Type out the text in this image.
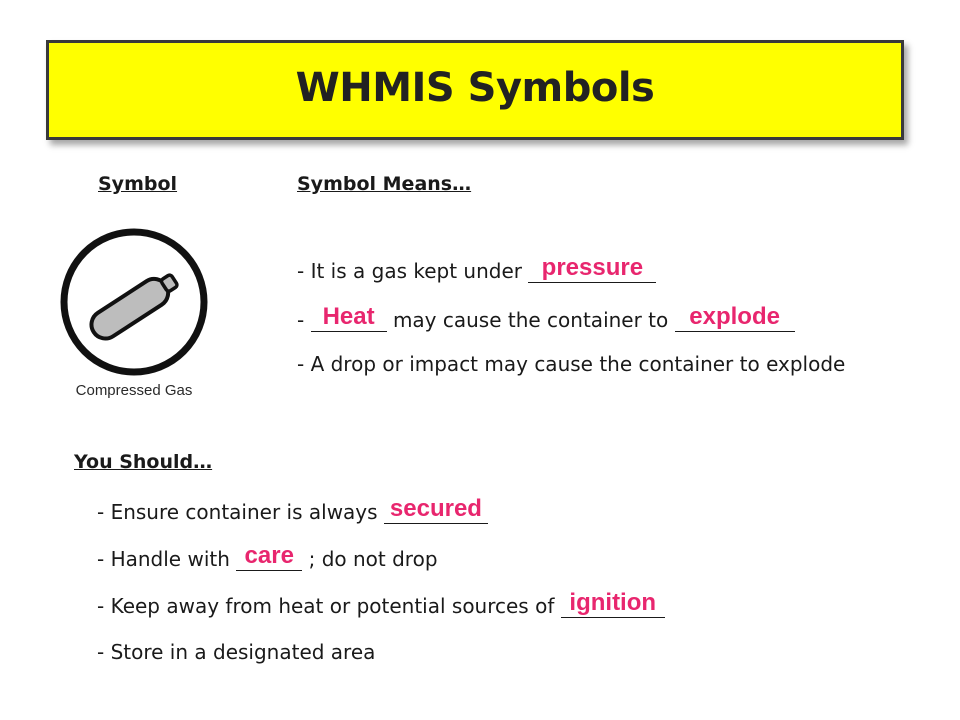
WHMIS Symbols
Symbol	Symbol Means…
Compressed Gas
- It is a gas kept under pressure
- Heat may cause the container to explode
- A drop or impact may cause the container to explode
You Should…
- Ensure container is always secured
- Handle with care ; do not drop
- Keep away from heat or potential sources of ignition
- Store in a designated area
